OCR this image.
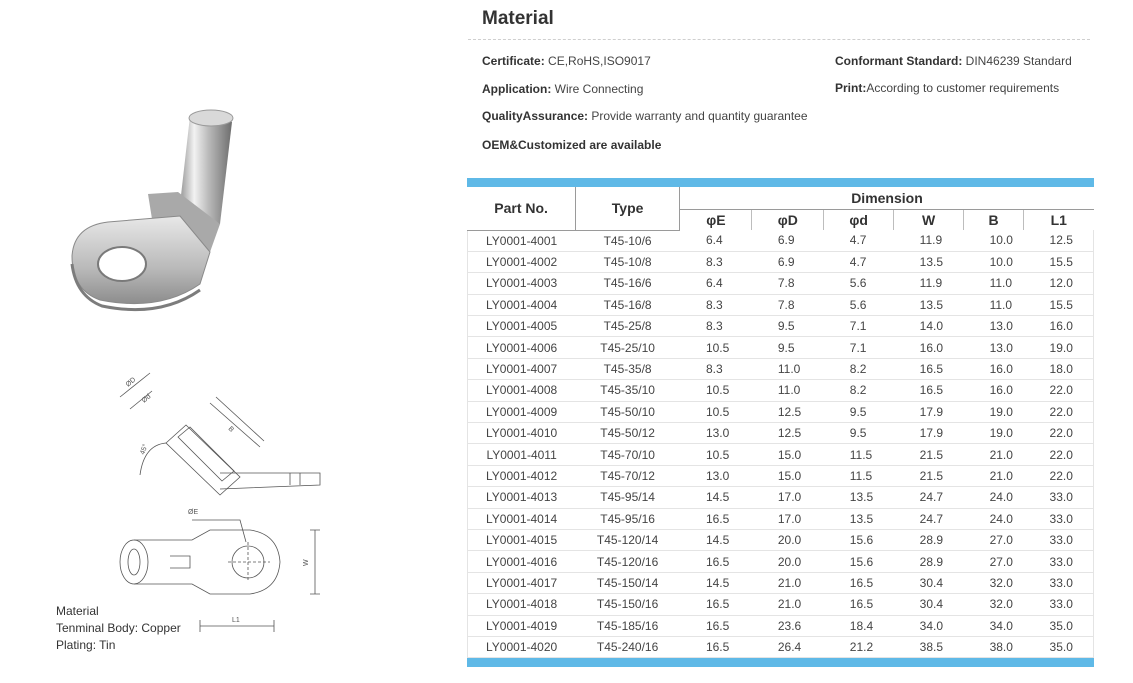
ØD
Ød
45°
B
ØE
W
L1
Material
Tenminal Body: Copper
Plating: Tin
Material
Certificate: CE,RoHS,ISO9017
Application: Wire Connecting
QualityAssurance: Provide warranty and quantity guarantee
OEM&Customized are available
Conformant Standard: DIN46239 Standard
Print:According to customer requirements
Part No.	Type	Dimension					
		φE	φD	φd	W	B	L1
LY0001-4001	T45-10/6	6.4	6.9	4.7	11.9	10.0	12.5
LY0001-4002	T45-10/8	8.3	6.9	4.7	13.5	10.0	15.5
LY0001-4003	T45-16/6	6.4	7.8	5.6	11.9	11.0	12.0
LY0001-4004	T45-16/8	8.3	7.8	5.6	13.5	11.0	15.5
LY0001-4005	T45-25/8	8.3	9.5	7.1	14.0	13.0	16.0
LY0001-4006	T45-25/10	10.5	9.5	7.1	16.0	13.0	19.0
LY0001-4007	T45-35/8	8.3	11.0	8.2	16.5	16.0	18.0
LY0001-4008	T45-35/10	10.5	11.0	8.2	16.5	16.0	22.0
LY0001-4009	T45-50/10	10.5	12.5	9.5	17.9	19.0	22.0
LY0001-4010	T45-50/12	13.0	12.5	9.5	17.9	19.0	22.0
LY0001-4011	T45-70/10	10.5	15.0	11.5	21.5	21.0	22.0
LY0001-4012	T45-70/12	13.0	15.0	11.5	21.5	21.0	22.0
LY0001-4013	T45-95/14	14.5	17.0	13.5	24.7	24.0	33.0
LY0001-4014	T45-95/16	16.5	17.0	13.5	24.7	24.0	33.0
LY0001-4015	T45-120/14	14.5	20.0	15.6	28.9	27.0	33.0
LY0001-4016	T45-120/16	16.5	20.0	15.6	28.9	27.0	33.0
LY0001-4017	T45-150/14	14.5	21.0	16.5	30.4	32.0	33.0
LY0001-4018	T45-150/16	16.5	21.0	16.5	30.4	32.0	33.0
LY0001-4019	T45-185/16	16.5	23.6	18.4	34.0	34.0	35.0
LY0001-4020	T45-240/16	16.5	26.4	21.2	38.5	38.0	35.0
